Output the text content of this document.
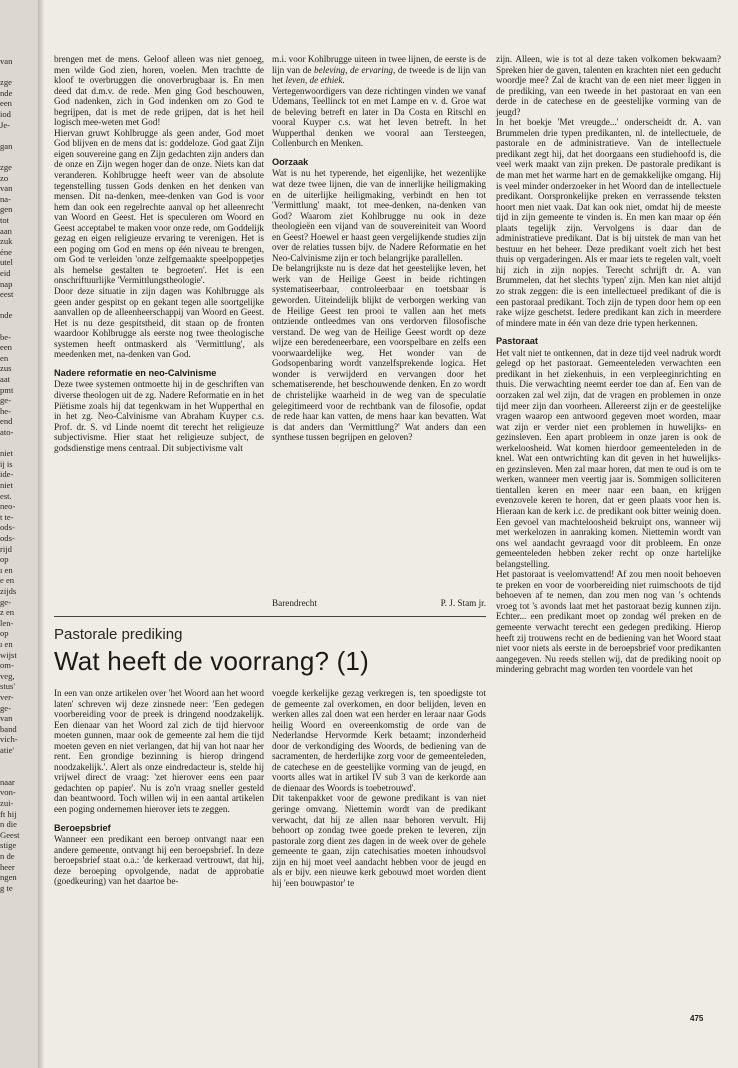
van
zge
nde
een
iod
Je-
gan
zge
zo
van
na-
gen
tot
aan
zuk
éne
utel
eid
nap
eest
nde
be-
een
en
zus
aat
pmt
ge-
he-
end
ato-
niet
ij is
ide-
niet
est.
neo-
t te-
ods-
ods-
rijd
op
ı en
e en
zijds
ge-
z en
len-
op
ı en
wijst
om-
veg,
stus'
ver-
ge-
van
band
vich-
atie'
naar
von-
zui-
ft hij
n die
Geest
stige
n de
heer
ngen
g te

brengen met de mens. Geloof alleen was niet genoeg, men wilde God zien, horen, voelen. Men trachtte de kloof te overbruggen die onoverbrugbaar is. En men deed dat d.m.v. de rede. Men ging God beschouwen, God nadenken, zich in God indenken om zo God te begrijpen, dat is met de rede grijpen, dat is het heil logisch mee-weten met God!

Hiervan gruwt Kohlbrugge als geen ander, God moet God blijven en de mens dat is: goddeloze. God gaat Zijn eigen souvereine gang en Zijn gedachten zijn anders dan de onze en Zijn wegen hoger dan de onze. Niets kan dat veranderen. Kohlbrugge heeft weer van de absolute tegenstelling tussen Gods denken en het denken van mensen. Dit na-denken, mee-denken van God is voor hem dan ook een regelrechte aanval op het alleenrecht van Woord en Geest. Het is speculeren om Woord en Geest acceptabel te maken voor onze rede, om Goddelijk gezag en eigen religieuze ervaring te verenigen. Het is een poging om God en mens op één niveau te brengen, om God te verleiden 'onze zelfgemaakte speelpoppetjes als hemelse gestalten te begroeten'. Het is een onschriftuurlijke 'Vermittlungstheologie'.

Door deze situatie in zijn dagen was Kohlbrugge als geen ander gespitst op en gekant tegen alle soortgelijke aanvallen op de alleenheerschappij van Woord en Geest. Het is nu deze gespitstheid, dit staan op de fronten waardoor Kohlbrugge als eerste nog twee theologische systemen heeft ontmaskerd als 'Vermittlung', als meedenken met, na-denken van God.

Nadere reformatie en neo-Calvinisme

Deze twee systemen ontmoette hij in de geschriften van diverse theologen uit de zg. Nadere Reformatie en in het Piëtisme zoals hij dat tegenkwam in het Wupperthal en in het zg. Neo-Calvinisme van Abraham Kuyper c.s. Prof. dr. S. vd Linde noemt dit terecht het religieuze subjectivisme. Hier staat het religieuze subject, de godsdienstige mens centraal. Dit subjectivisme valt

m.i. voor Kohlbrugge uiteen in twee lijnen, de eerste is de lijn van de beleving, de ervaring, de tweede is de lijn van het leven, de ethiek.

Vertegenwoordigers van deze richtingen vinden we vanaf Udemans, Teellinck tot en met Lampe en v. d. Groe wat de beleving betreft en later in Da Costa en Ritschl en vooral Kuyper c.s. wat het leven betreft. In het Wupperthal denken we vooral aan Tersteegen, Collenburch en Menken.

Oorzaak

Wat is nu het typerende, het eigenlijke, het wezenlijke wat deze twee lijnen, die van de innerlijke heiligmaking en de uiterlijke heiligmaking, verbindt en hen tot 'Vermittlung' maakt, tot mee-denken, na-denken van God? Waarom ziet Kohlbrugge nu ook in deze theologieën een vijand van de souvereiniteit van Woord en Geest? Hoewel er haast geen vergelijkende studies zijn over de relaties tussen bijv. de Nadere Reformatie en het Neo-Calvinisme zijn er toch belangrijke parallellen.

De belangrijkste nu is deze dat het geestelijke leven, het werk van de Heilige Geest in beide richtingen systematiseerbaar, controleerbaar en toetsbaar is geworden. Uiteindelijk blijkt de verborgen werking van de Heilige Geest ten prooi te vallen aan het mets ontziende ontleedmes van ons verdorven filosofische verstand. De weg van de Heilige Geest wordt op deze wijze een beredeneerbare, een voorspelbare en zelfs een voorwaardelijke weg. Het wonder van de Godsopenbaring wordt vanzelfsprekende logica. Het wonder is verwijderd en vervangen door het schematiserende, het beschouwende denken. En zo wordt de christelijke waarheid in de weg van de speculatie gelegitimeerd voor de rechtbank van de filosofie, opdat de rede haar kan vatten, de mens haar kan bevatten. Wat is dat anders dan 'Vermittlung?' Wat anders dan een synthese tussen begrijpen en geloven?

Barendrecht	P. J. Stam jr.
Pastorale prediking
Wat heeft de voorrang? (1)

In een van onze artikelen over 'het Woord aan het woord laten' schreven wij deze zinsnede neer: 'Een gedegen voorbereiding voor de preek is dringend noodzakelijk. Een dienaar van het Woord zal zich de tijd hiervoor moeten gunnen, maar ook de gemeente zal hem die tijd moeten geven en niet verlangen, dat hij van hot naar her rent. Een grondige bezinning is hierop dringend noodzakelijk.'. Alert als onze eindredacteur is, stelde hij vrijwel direct de vraag: 'zet hierover eens een paar gedachten op papier'. Nu is zo'n vraag sneller gesteld dan beantwoord. Toch willen wij in een aantal artikelen een poging ondernemen hierover iets te zeggen.

Beroepsbrief

Wanneer een predikant een beroep ontvangt naar een andere gemeente, ontvangt hij een beroepsbrief. In deze beroepsbrief staat o.a.: 'de kerkeraad vertrouwt, dat hij, deze beroeping opvolgende, nadat de approbatie (goedkeuring) van het daartoe be-

voegde kerkelijke gezag verkregen is, ten spoedigste tot de gemeente zal overkomen, en door belijden, leven en werken alles zal doen wat een herder en leraar naar Gods heilig Woord en overeenkomstig de orde van de Nederlandse Hervormde Kerk betaamt; inzonderheid door de verkondiging des Woords, de bediening van de sacramenten, de herderlijke zorg voor de gemeenteleden, de catechese en de geestelijke vorming van de jeugd, en voorts alles wat in artikel IV sub 3 van de kerkorde aan de dienaar des Woords is toebetrouwd'.

Dit takenpakket voor de gewone predikant is van niet geringe omvang. Niettemin wordt van de predikant verwacht, dat hij ze allen naar behoren vervult. Hij behoort op zondag twee goede preken te leveren, zijn pastorale zorg dient zes dagen in de week over de gehele gemeente te gaan, zijn catechisaties moeten inhoudsvol zijn en hij moet veel aandacht hebben voor de jeugd en als er bijv. een nieuwe kerk gebouwd moet worden dient hij 'een bouwpastor' te

zijn. Alleen, wie is tot al deze taken volkomen bekwaam? Spreken hier de gaven, talenten en krachten niet een geducht woordje mee? Zal de kracht van de een niet meer liggen in de prediking, van een tweede in het pastoraat en van een derde in de catechese en de geestelijke vorming van de jeugd?

In het boekje 'Met vreugde...' onderscheidt dr. A. van Brummelen drie typen predikanten, nl. de intellectuele, de pastorale en de administratieve. Van de intellectuele predikant zegt hij, dat het doorgaans een studiehoofd is, die veel werk maakt van zijn preken. De pastorale predikant is de man met het warme hart en de gemakkelijke omgang. Hij is veel minder onderzoeker in het Woord dan de intellectuele predikant. Oorspronkelijke preken en verrassende teksten hoort men niet vaak. Dat kan ook niet, omdat hij de meeste tijd in zijn gemeente te vinden is. En men kan maar op één plaats tegelijk zijn. Vervolgens is daar dan de administratieve predikant. Dat is bij uitstek de man van het bestuur en het beheer. Deze predikant voelt zich het best thuis op vergaderingen. Als er maar iets te regelen valt, voelt hij zich in zijn nopjes. Terecht schrijft dr. A. van Brummelen, dat het slechts 'typen' zijn. Men kan niet altijd zo strak zeggen: die is een intellectueel predikant of die is een pastoraal predikant. Toch zijn de typen door hem op een rake wijze geschetst. Iedere predikant kan zich in meerdere of mindere mate in één van deze drie typen herkennen.

Pastoraat

Het valt niet te ontkennen, dat in deze tijd veel nadruk wordt gelegd op het pastoraat. Gemeenteleden verwachten een predikant in het ziekenhuis, in een verpleeginrichting en thuis. Die verwachting neemt eerder toe dan af. Een van de oorzaken zal wel zijn, dat de vragen en problemen in onze tijd meer zijn dan voorheen. Allereerst zijn er de geestelijke vragen waarop een antwoord gegeven moet worden, maar wat zijn er verder niet een problemen in huwelijks- en gezinsleven. Een apart probleem in onze jaren is ook de werkeloosheid. Wat komen hierdoor gemeenteleden in de knel. Wat een ontwrichting kan dit geven in het huwelijks- en gezinsleven. Men zal maar horen, dat men te oud is om te werken, wanneer men veertig jaar is. Sommigen solliciteren tientallen keren en meer naar een baan, en krijgen evenzovele keren te horen, dat er geen plaats voor hen is. Hieraan kan de kerk i.c. de predikant ook bitter weinig doen. Een gevoel van machteloosheid bekruipt ons, wanneer wij met werkelozen in aanraking komen. Niettemin wordt van ons wel aandacht gevraagd voor dit probleem. En onze gemeenteleden hebben zeker recht op onze hartelijke belangstelling.

Het pastoraat is veelomvattend! Af zou men nooit behoeven te preken en voor de voorbereiding niet ruimschoots de tijd behoeven af te nemen, dan zou men nog van 's ochtends vroeg tot 's avonds laat met het pastoraat bezig kunnen zijn. Echter... een predikant moet op zondag wél preken en de gemeente verwacht terecht een gedegen prediking. Hierop heeft zij trouwens recht en de bediening van het Woord staat niet voor niets als eerste in de beroepsbrief voor predikanten aangegeven. Nu reeds stellen wij, dat de prediking nooit op mindering gebracht mag worden ten voordele van het

475
